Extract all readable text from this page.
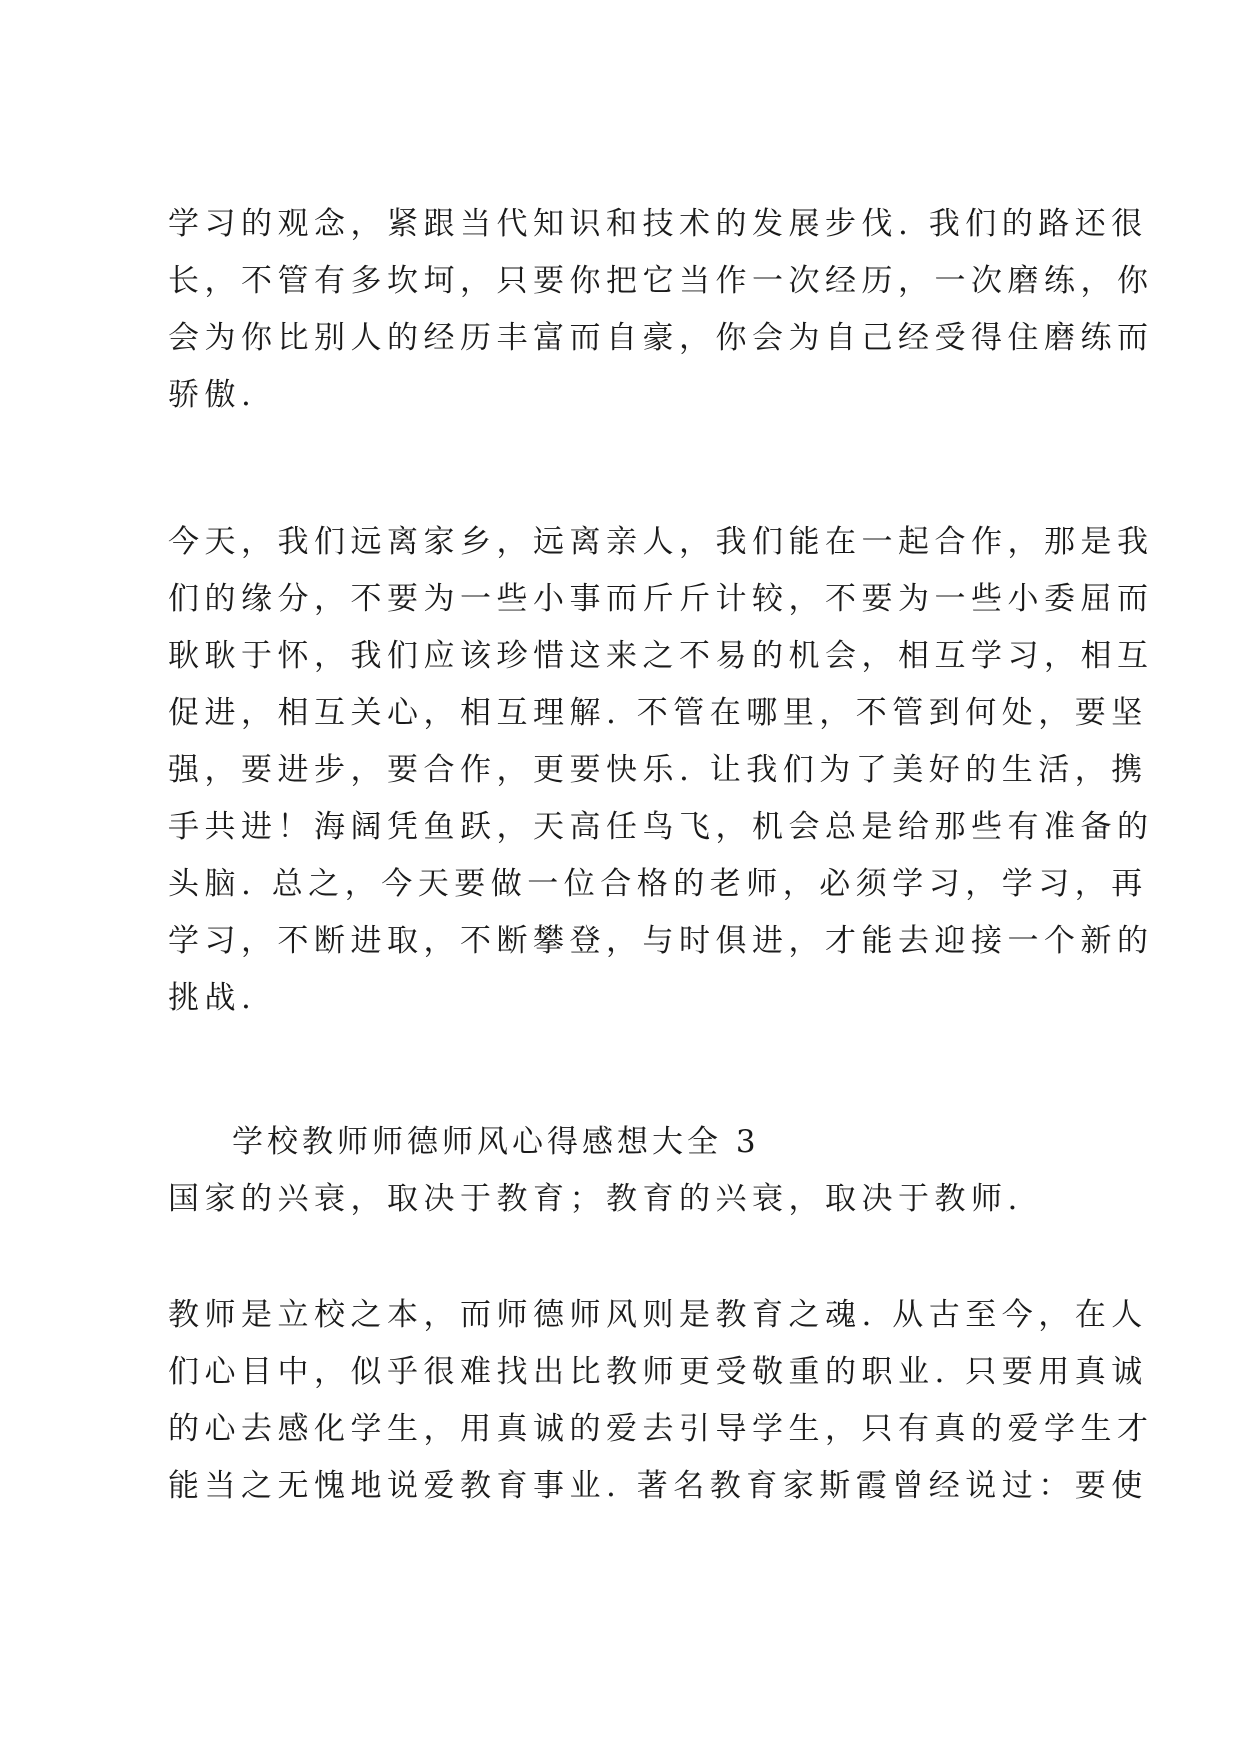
学习的观念，紧跟当代知识和技术的发展步伐. 我们的路还很
长，不管有多坎坷，只要你把它当作一次经历，一次磨练，你
会为你比别人的经历丰富而自豪，你会为自己经受得住磨练而
骄傲.
今天，我们远离家乡，远离亲人，我们能在一起合作，那是我
们的缘分，不要为一些小事而斤斤计较，不要为一些小委屈而
耿耿于怀，我们应该珍惜这来之不易的机会，相互学习，相互
促进，相互关心，相互理解. 不管在哪里，不管到何处，要坚
强，要进步，要合作，更要快乐. 让我们为了美好的生活，携
手共进！海阔凭鱼跃，天高任鸟飞，机会总是给那些有准备的
头脑. 总之，今天要做一位合格的老师，必须学习，学习，再
学习，不断进取，不断攀登，与时俱进，才能去迎接一个新的
挑战.
学校教师师德师风心得感想大全 3
国家的兴衰，取决于教育；教育的兴衰，取决于教师.
教师是立校之本，而师德师风则是教育之魂. 从古至今，在人
们心目中，似乎很难找出比教师更受敬重的职业. 只要用真诚
的心去感化学生，用真诚的爱去引导学生，只有真的爱学生才
能当之无愧地说爱教育事业. 著名教育家斯霞曾经说过：要使
